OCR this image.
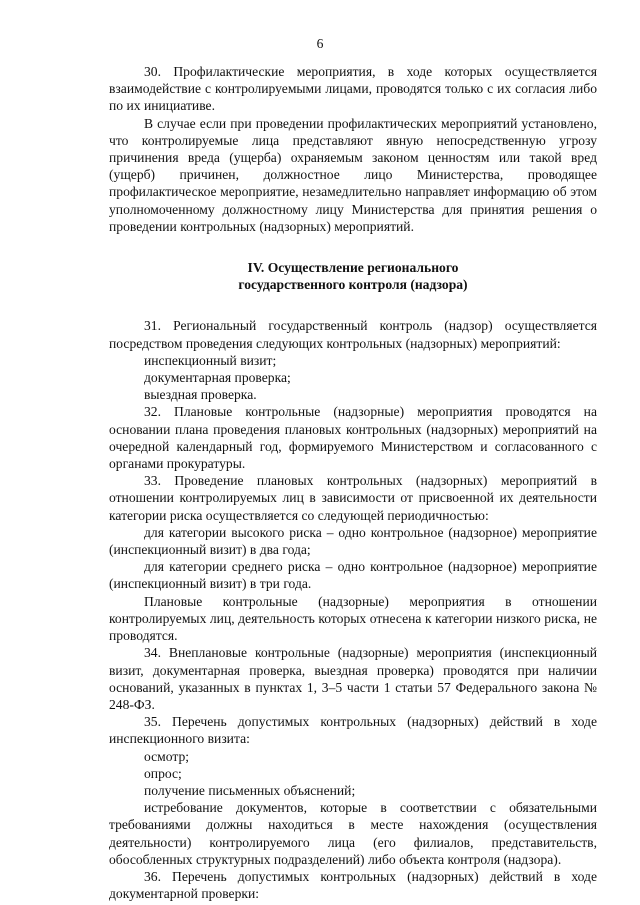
6

30. Профилактические мероприятия, в ходе которых осуществляется взаимодействие с контролируемыми лицами, проводятся только с их согласия либо по их инициативе.

В случае если при проведении профилактических мероприятий установлено, что контролируемые лица представляют явную непосредственную угрозу причинения вреда (ущерба) охраняемым законом ценностям или такой вред (ущерб) причинен, должностное лицо Министерства, проводящее профилактическое мероприятие, незамедлительно направляет информацию об этом уполномоченному должностному лицу Министерства для принятия решения о проведении контрольных (надзорных) мероприятий.

IV. Осуществление регионального
государственного контроля (надзора)

31. Региональный государственный контроль (надзор) осуществляется посредством проведения следующих контрольных (надзорных) мероприятий:

инспекционный визит;

документарная проверка;

выездная проверка.

32. Плановые контрольные (надзорные) мероприятия проводятся на основании плана проведения плановых контрольных (надзорных) мероприятий на очередной календарный год, формируемого Министерством и согласованного с органами прокуратуры.

33. Проведение плановых контрольных (надзорных) мероприятий в отношении контролируемых лиц в зависимости от присвоенной их деятельности категории риска осуществляется со следующей периодичностью:

для категории высокого риска – одно контрольное (надзорное) мероприятие (инспекционный визит) в два года;

для категории среднего риска – одно контрольное (надзорное) мероприятие (инспекционный визит) в три года.

Плановые контрольные (надзорные) мероприятия в отношении контролируемых лиц, деятельность которых отнесена к категории низкого риска, не проводятся.

34. Внеплановые контрольные (надзорные) мероприятия (инспекционный визит, документарная проверка, выездная проверка) проводятся при наличии оснований, указанных в пунктах 1, 3–5 части 1 статьи 57 Федерального закона № 248-ФЗ.

35. Перечень допустимых контрольных (надзорных) действий в ходе инспекционного визита:

осмотр;

опрос;

получение письменных объяснений;

истребование документов, которые в соответствии с обязательными требованиями должны находиться в месте нахождения (осуществления деятельности) контролируемого лица (его филиалов, представительств, обособленных структурных подразделений) либо объекта контроля (надзора).

36. Перечень допустимых контрольных (надзорных) действий в ходе документарной проверки:
